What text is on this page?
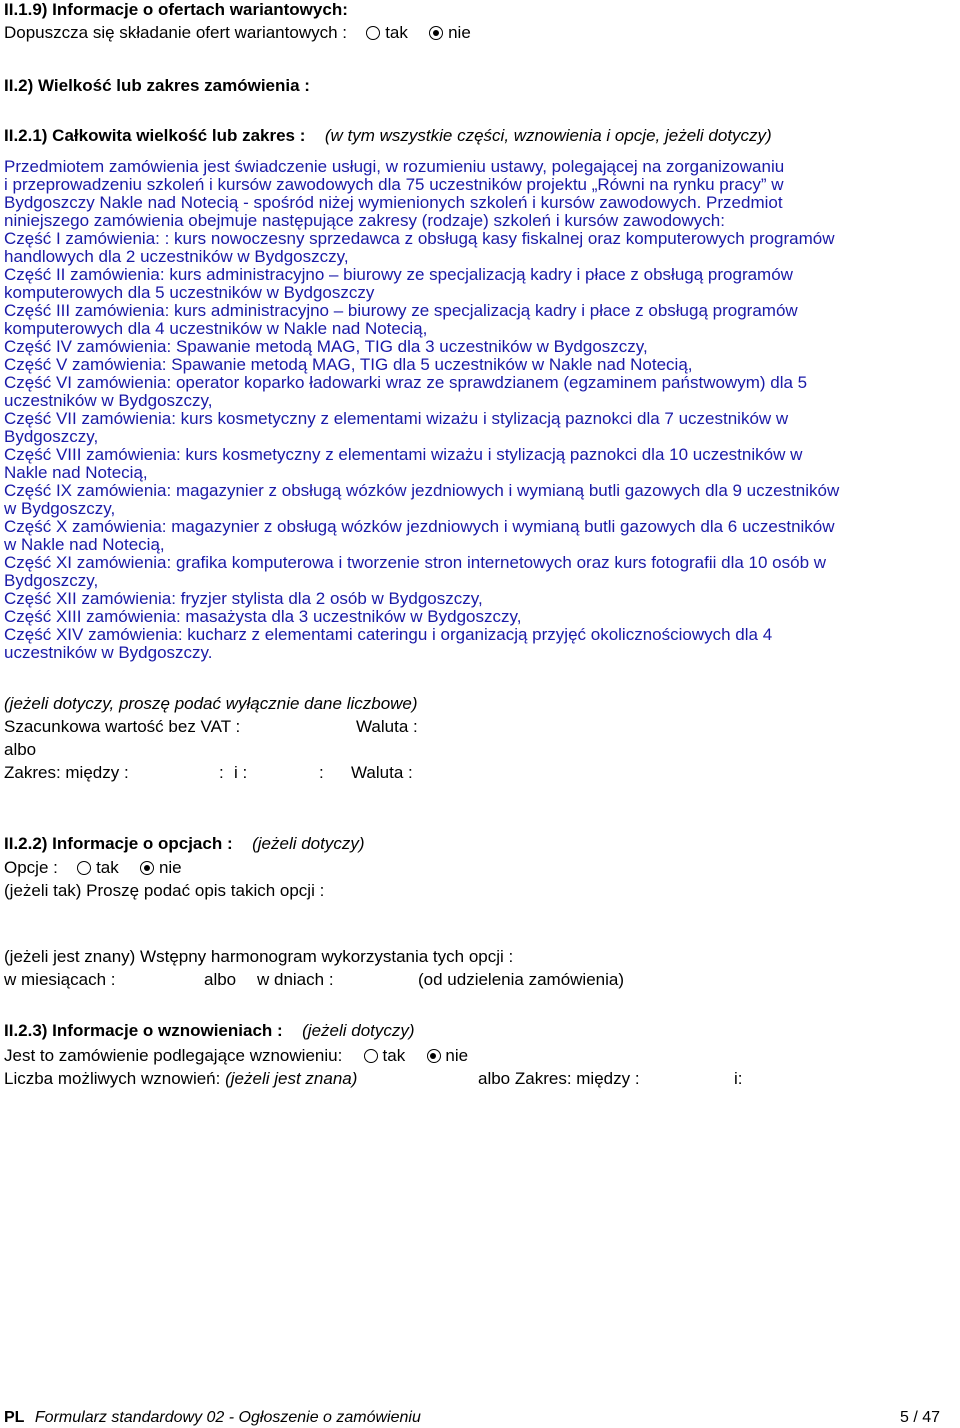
II.1.9) Informacje o ofertach wariantowych:
Dopuszcza się składanie ofert wariantowych : tak nie
II.2) Wielkość lub zakres zamówienia :
II.2.1) Całkowita wielkość lub zakres : (w tym wszystkie części, wznowienia i opcje, jeżeli dotyczy)
Przedmiotem zamówienia jest świadczenie usługi, w rozumieniu ustawy, polegającej na zorganizowaniu
i przeprowadzeniu szkoleń i kursów zawodowych dla 75 uczestników projektu „Równi na rynku pracy” w
Bydgoszczy Nakle nad Notecią - spośród niżej wymienionych szkoleń i kursów zawodowych. Przedmiot
niniejszego zamówienia obejmuje następujące zakresy (rodzaje) szkoleń i kursów zawodowych:
Część I zamówienia: : kurs nowoczesny sprzedawca z obsługą kasy fiskalnej oraz komputerowych programów
handlowych dla 2 uczestników w Bydgoszczy,
Część II zamówienia: kurs administracyjno – biurowy ze specjalizacją kadry i płace z obsługą programów
komputerowych dla 5 uczestników w Bydgoszczy
Część III zamówienia: kurs administracyjno – biurowy ze specjalizacją kadry i płace z obsługą programów
komputerowych dla 4 uczestników w Nakle nad Notecią,
Część IV zamówienia: Spawanie metodą MAG, TIG dla 3 uczestników w Bydgoszczy,
Część V zamówienia: Spawanie metodą MAG, TIG dla 5 uczestników w Nakle nad Notecią,
Część VI zamówienia: operator koparko ładowarki wraz ze sprawdzianem (egzaminem państwowym) dla 5
uczestników w Bydgoszczy,
Część VII zamówienia: kurs kosmetyczny z elementami wizażu i stylizacją paznokci dla 7 uczestników w
Bydgoszczy,
Część VIII zamówienia: kurs kosmetyczny z elementami wizażu i stylizacją paznokci dla 10 uczestników w
Nakle nad Notecią,
Część IX zamówienia: magazynier z obsługą wózków jezdniowych i wymianą butli gazowych dla 9 uczestników
w Bydgoszczy,
Część X zamówienia: magazynier z obsługą wózków jezdniowych i wymianą butli gazowych dla 6 uczestników
w Nakle nad Notecią,
Część XI zamówienia: grafika komputerowa i tworzenie stron internetowych oraz kurs fotografii dla 10 osób w
Bydgoszczy,
Część XII zamówienia: fryzjer stylista dla 2 osób w Bydgoszczy,
Część XIII zamówienia: masażysta dla 3 uczestników w Bydgoszczy,
Część XIV zamówienia: kucharz z elementami cateringu i organizacją przyjęć okolicznościowych dla 4
uczestników w Bydgoszczy.
(jeżeli dotyczy, proszę podać wyłącznie dane liczbowe)
Szacunkowa wartość bez VAT :	Waluta :
albo
Zakres: między :	: i :	: Waluta :
II.2.2) Informacje o opcjach : (jeżeli dotyczy)
Opcje : tak nie
(jeżeli tak) Proszę podać opis takich opcji :
(jeżeli jest znany) Wstępny harmonogram wykorzystania tych opcji :
w miesiącach :	albo w dniach :	(od udzielenia zamówienia)
II.2.3) Informacje o wznowieniach : (jeżeli dotyczy)
Jest to zamówienie podlegające wznowieniu: tak nie
Liczba możliwych wznowień: (jeżeli jest znana)	albo Zakres: między :	i:
PL Formularz standardowy 02 - Ogłoszenie o zamówieniu	5 / 47
